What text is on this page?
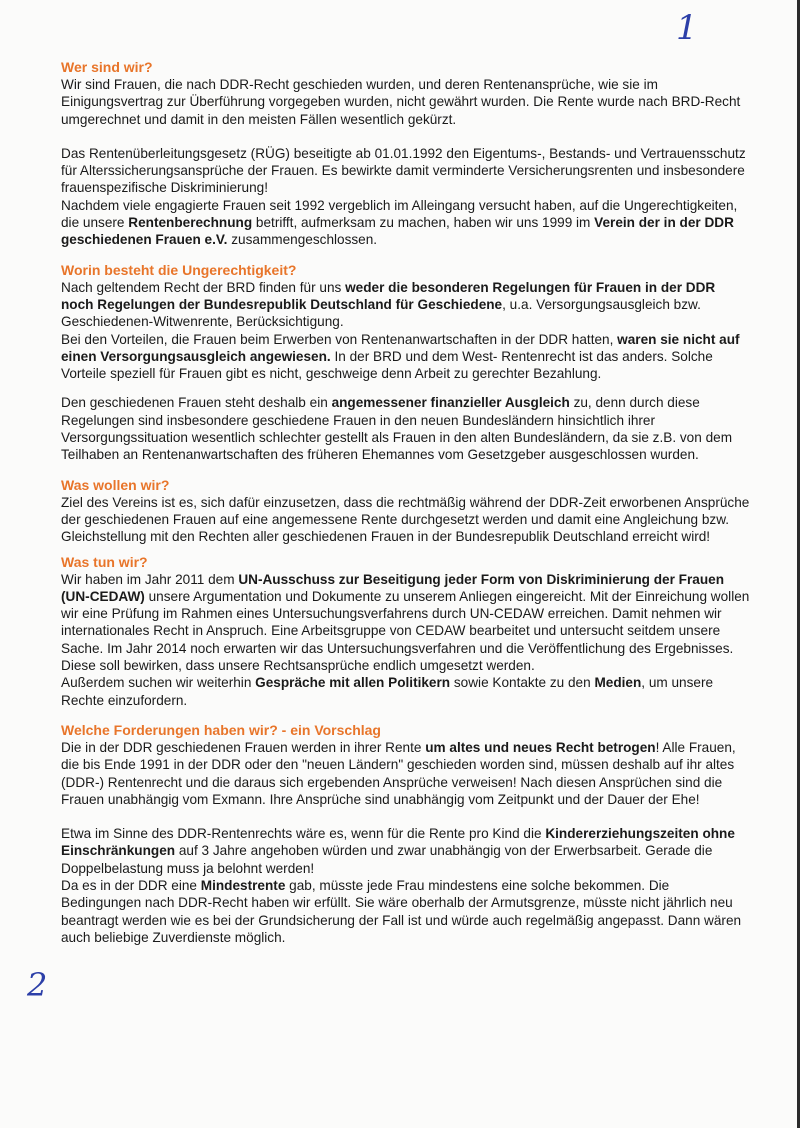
1
2
Wer sind wir?

Wir sind Frauen, die nach DDR-Recht geschieden wurden, und deren Rentenansprüche, wie sie im Einigungsvertrag zur Überführung vorgegeben wurden, nicht gewährt wurden. Die Rente wurde nach BRD-Recht umgerechnet und damit in den meisten Fällen wesentlich gekürzt.

Das Rentenüberleitungsgesetz (RÜG) beseitigte ab 01.01.1992 den Eigentums-, Bestands- und Vertrauensschutz für Alterssicherungsansprüche der Frauen. Es bewirkte damit verminderte Versicherungsrenten und insbesondere frauenspezifische Diskriminierung!

Nachdem viele engagierte Frauen seit 1992 vergeblich im Alleingang versucht haben, auf die Ungerechtigkeiten, die unsere Rentenberechnung betrifft, aufmerksam zu machen, haben wir uns 1999 im Verein der in der DDR geschiedenen Frauen e.V. zusammengeschlossen.

Worin besteht die Ungerechtigkeit?

Nach geltendem Recht der BRD finden für uns weder die besonderen Regelungen für Frauen in der DDR noch Regelungen der Bundesrepublik Deutschland für Geschiedene, u.a. Versorgungsausgleich bzw. Geschiedenen-Witwenrente, Berücksichtigung.

Bei den Vorteilen, die Frauen beim Erwerben von Rentenanwartschaften in der DDR hatten, waren sie nicht auf einen Versorgungsausgleich angewiesen. In der BRD und dem West- Rentenrecht ist das anders. Solche Vorteile speziell für Frauen gibt es nicht, geschweige denn Arbeit zu gerechter Bezahlung.

Den geschiedenen Frauen steht deshalb ein angemessener finanzieller Ausgleich zu, denn durch diese Regelungen sind insbesondere geschiedene Frauen in den neuen Bundesländern hinsichtlich ihrer Versorgungssituation wesentlich schlechter gestellt als Frauen in den alten Bundesländern, da sie z.B. von dem Teilhaben an Rentenanwartschaften des früheren Ehemannes vom Gesetzgeber ausgeschlossen wurden.

Was wollen wir?

Ziel des Vereins ist es, sich dafür einzusetzen, dass die rechtmäßig während der DDR-Zeit erworbenen Ansprüche der geschiedenen Frauen auf eine angemessene Rente durchgesetzt werden und damit eine Angleichung bzw. Gleichstellung mit den Rechten aller geschiedenen Frauen in der Bundesrepublik Deutschland erreicht wird!

Was tun wir?

Wir haben im Jahr 2011 dem UN-Ausschuss zur Beseitigung jeder Form von Diskriminierung der Frauen (UN-CEDAW) unsere Argumentation und Dokumente zu unserem Anliegen eingereicht. Mit der Einreichung wollen wir eine Prüfung im Rahmen eines Untersuchungsverfahrens durch UN-CEDAW erreichen. Damit nehmen wir internationales Recht in Anspruch. Eine Arbeitsgruppe von CEDAW bearbeitet und untersucht seitdem unsere Sache. Im Jahr 2014 noch erwarten wir das Untersuchungsverfahren und die Veröffentlichung des Ergebnisses. Diese soll bewirken, dass unsere Rechtsansprüche endlich umgesetzt werden.

Außerdem suchen wir weiterhin Gespräche mit allen Politikern sowie Kontakte zu den Medien, um unsere Rechte einzufordern.

Welche Forderungen haben wir? - ein Vorschlag

Die in der DDR geschiedenen Frauen werden in ihrer Rente um altes und neues Recht betrogen! Alle Frauen, die bis Ende 1991 in der DDR oder den "neuen Ländern" geschieden worden sind, müssen deshalb auf ihr altes (DDR-) Rentenrecht und die daraus sich ergebenden Ansprüche verweisen! Nach diesen Ansprüchen sind die Frauen unabhängig vom Exmann. Ihre Ansprüche sind unabhängig vom Zeitpunkt und der Dauer der Ehe!

Etwa im Sinne des DDR-Rentenrechts wäre es, wenn für die Rente pro Kind die Kindererziehungszeiten ohne Einschränkungen auf 3 Jahre angehoben würden und zwar unabhängig von der Erwerbsarbeit. Gerade die Doppelbelastung muss ja belohnt werden!

Da es in der DDR eine Mindestrente gab, müsste jede Frau mindestens eine solche bekommen. Die Bedingungen nach DDR-Recht haben wir erfüllt. Sie wäre oberhalb der Armutsgrenze, müsste nicht jährlich neu beantragt werden wie es bei der Grundsicherung der Fall ist und würde auch regelmäßig angepasst. Dann wären auch beliebige Zuverdienste möglich.
